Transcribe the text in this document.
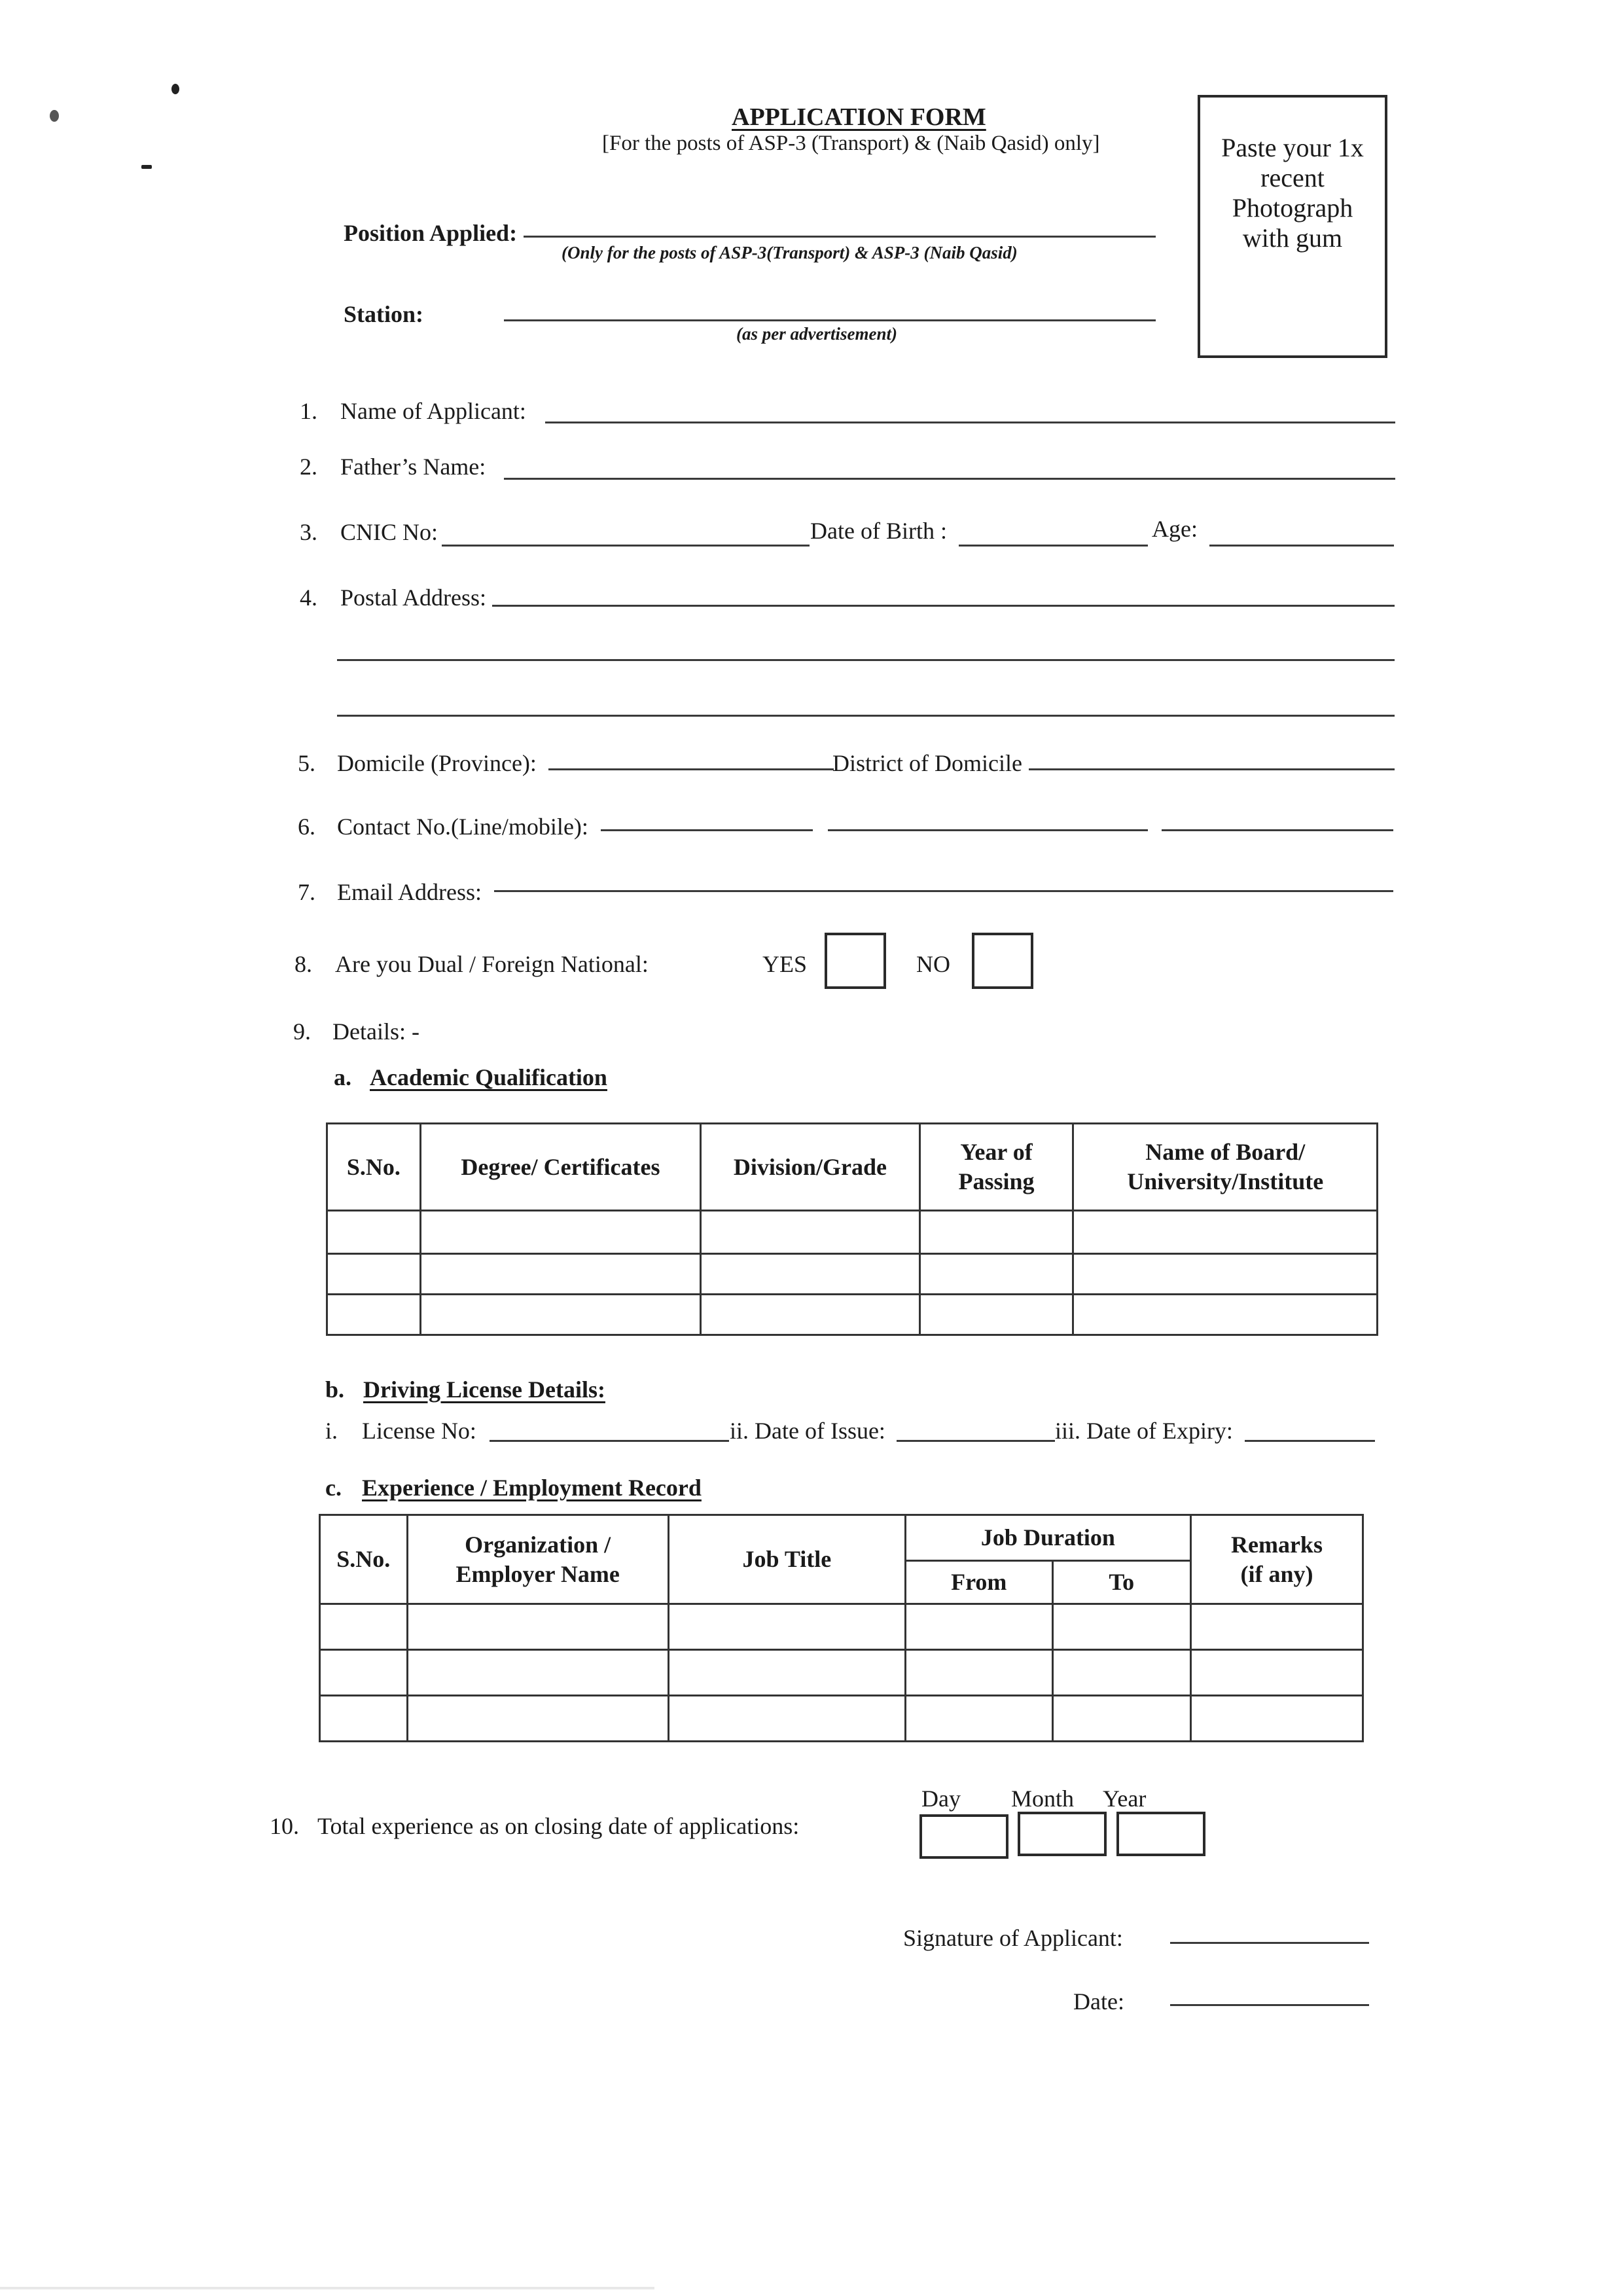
APPLICATION FORM
[For the posts of ASP-3 (Transport) & (Naib Qasid) only]	Paste your 1x
recent
Photograph
with gum
Position Applied:
(Only for the posts of ASP-3(Transport) & ASP-3 (Naib Qasid)
Station:
(as per advertisement)
1. Name of Applicant:
2. Father’s Name:
3. CNIC No:	Date of Birth :	Age:
4. Postal Address:
5. Domicile (Province):	District of Domicile
6. Contact No.(Line/mobile):
7. Email Address:
8. Are you Dual / Foreign National:	YES	NO
9. Details: -
a. Academic Qualification
S.No.	Degree/ Certificates	Division/Grade	Year of Passing	Name of Board/ University/Institute

b. Driving License Details:
i. License No:	ii. Date of Issue:	iii. Date of Expiry:
c. Experience / Employment Record
S.No.	Organization / Employer Name	Job Title	Job Duration		Remarks (if any)
			From	To	

10. Total experience as on closing date of applications:
Day Month Year
Signature of Applicant:
Date:
